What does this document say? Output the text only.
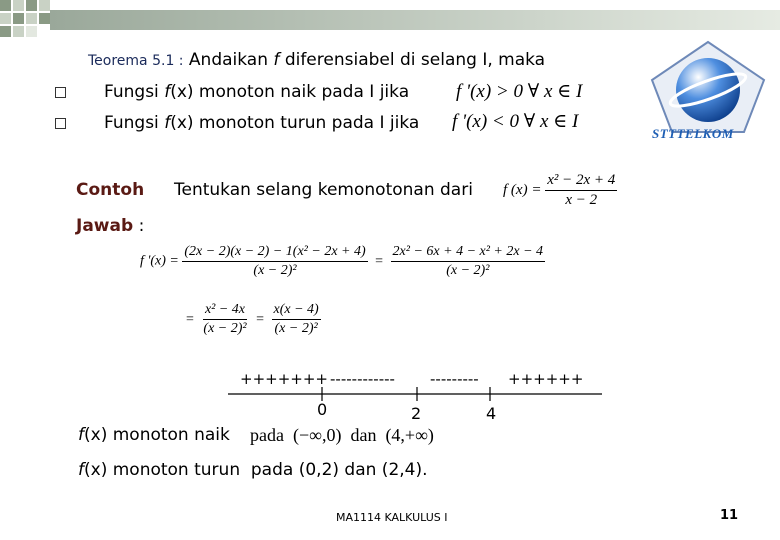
Teorema 5.1 : Andaikan f diferensiabel di selang I, maka
Fungsi f(x) monoton naik pada I jika f '(x) > 0 ∀ x ∈ I
Fungsi f(x) monoton turun pada I jika f '(x) < 0 ∀ x ∈ I
STTTELKOM
Contoh Tentukan selang kemonotonan dari f $(x) = \frac{\text{x² − 2x + 4}}{x - 2}$
Jawab :
f '$(x) = \frac{\text{(2x − 2)(x − 2) − 1(x² − 2x + 4)}}{\text{(x − 2)²}} = \frac{\text{2x² − 6x + 4 − x² + 2x − 4}}{\text{(x − 2)²}}$
= $\frac{\text{x² − 4x}}{\text{(x − 2)²}} = \frac{x(x - 4)}{\text{(x − 2)²}}$
+++++++ ------------ --------- ++++++
0	2	4
f(x) monoton naik pada  (−∞,0)  dan  (4,+∞)
f(x) monoton turun  pada (0,2) dan (2,4).
MA1114 KALKULUS I	11
